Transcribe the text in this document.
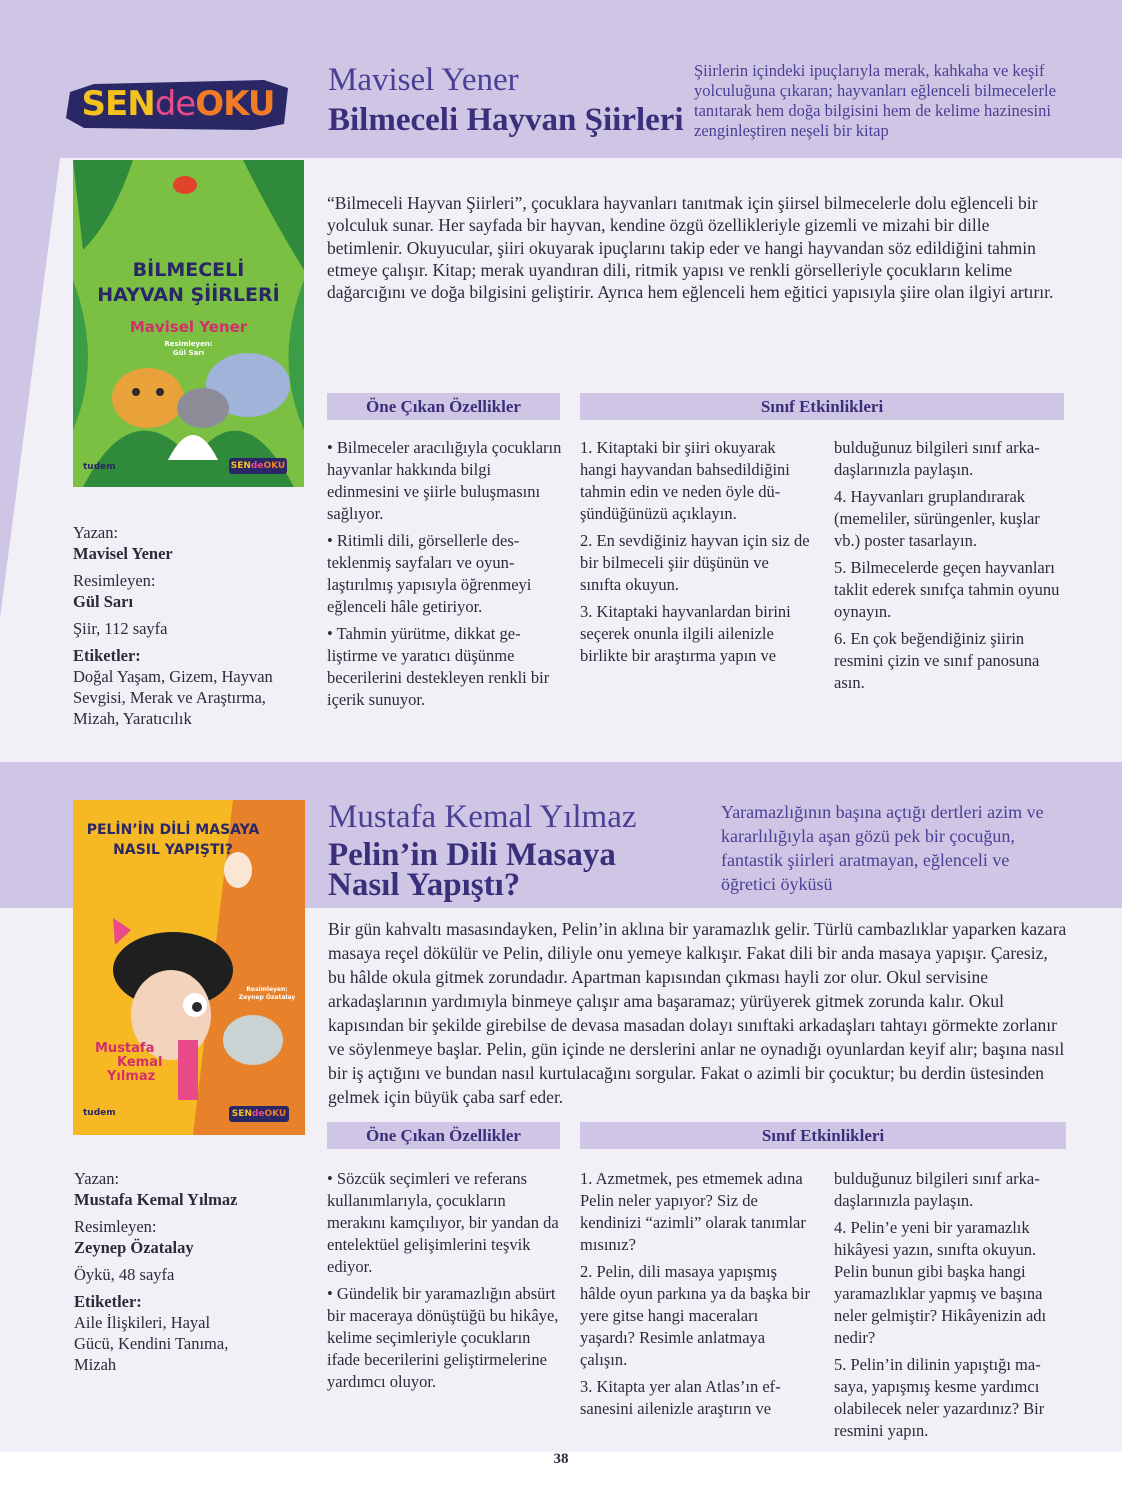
SENdeOKU
Mavisel Yener
Bilmeceli Hayvan Şiirleri
Şiirlerin içindeki ipuçlarıyla merak, kahkaha ve keşif yolculuğuna çıkaran; hayvanları eğlenceli bilmecelerle tanıtarak hem doğa bilgisini hem de kelime hazinesini zenginleştiren neşeli bir kitap
BİLMECELİ
HAYVAN ŞİİRLERİ
Mavisel Yener
Resimleyen:
Gül Sarı
tudem	SENdeOKU
“Bilmeceli Hayvan Şiirleri”, çocuklara hayvanları tanıtmak için şiirsel bilmecelerle dolu eğlenceli bir yolculuk sunar. Her sayfada bir hayvan, kendine özgü özellikleriyle gizemli ve mizahi bir dille betimlenir. Okuyucular, şiiri okuyarak ipuçlarını takip eder ve hangi hayvandan söz edildiğini tahmin etmeye çalışır. Kitap; merak uyandıran dili, ritmik yapısı ve renkli görselleriyle çocukların kelime dağarcığını ve doğa bilgisini geliştirir. Ayrıca hem eğlenceli hem eğitici yapısıyla şiire olan ilgiyi artırır.
Öne Çıkan Özellikler	Sınıf Etkinlikleri

• Bilmeceler aracılığıyla çocukların hayvanlar hakkında bilgi edinmesini ve şiirle buluşmasını sağlıyor.

• Ritimli dili, görsellerle desteklenmiş sayfaları ve oyunlaştırılmış yapısıyla öğrenmeyi eğlenceli hâle getiriyor.

• Tahmin yürütme, dikkat geliştirme ve yaratıcı düşünme becerilerini destekleyen renkli bir içerik sunuyor.

1. Kitaptaki bir şiiri okuyarak hangi hayvandan bahsedildiğini tahmin edin ve neden öyle düşündüğünüzü açıklayın.

2. En sevdiğiniz hayvan için siz de bir bilmeceli şiir düşünün ve sınıfta okuyun.

3. Kitaptaki hayvanlardan birini seçerek onunla ilgili ailenizle birlikte bir araştırma yapın ve

bulduğunuz bilgileri sınıf arkadaşlarınızla paylaşın.

4. Hayvanları gruplandırarak (memeliler, sürüngenler, kuşlar vb.) poster tasarlayın.

5. Bilmecelerde geçen hayvanları taklit ederek sınıfça tahmin oyunu oynayın.

6. En çok beğendiğiniz şiirin resmini çizin ve sınıf panosuna asın.

Yazan:
Mavisel Yener
Resimleyen:
Gül Sarı
Şiir, 112 sayfa
Etiketler:
Doğal Yaşam, Gizem, Hayvan Sevgisi, Merak ve Araştırma, Mizah, Yaratıcılık
PELİN’İN DİLİ MASAYA
NASIL YAPIŞTI?
Mustafa
Kemal
Yılmaz
Resimleyen:
Zeynep Özatalay
tudem	SENdeOKU
Mustafa Kemal Yılmaz
Pelin’in Dili Masaya
Nasıl Yapıştı?
Yaramazlığının başına açtığı dertleri azim ve kararlılığıyla aşan gözü pek bir çocuğun, fantastik şiirleri aratmayan, eğlenceli ve öğretici öyküsü
Bir gün kahvaltı masasındayken, Pelin’in aklına bir yaramazlık gelir. Türlü cambazlıklar yaparken kazara masaya reçel dökülür ve Pelin, diliyle onu yemeye kalkışır. Fakat dili bir anda masaya yapışır. Çaresiz, bu hâlde okula gitmek zorundadır. Apartman kapısından çıkması hayli zor olur. Okul servisine arkadaşlarının yardımıyla binmeye çalışır ama başaramaz; yürüyerek gitmek zorunda kalır. Okul kapısından bir şekilde girebilse de devasa masadan dolayı sınıftaki arkadaşları tahtayı görmekte zorlanır ve söylenmeye başlar. Pelin, gün içinde ne derslerini anlar ne oynadığı oyunlardan keyif alır; başına nasıl bir iş açtığını ve bundan nasıl kurtulacağını sorgular. Fakat o azimli bir çocuktur; bu derdin üstesinden gelmek için büyük çaba sarf eder.
Öne Çıkan Özellikler	Sınıf Etkinlikleri

• Sözcük seçimleri ve referans kullanımlarıyla, çocukların merakını kamçılıyor, bir yandan da entelektüel gelişimlerini teşvik ediyor.

• Gündelik bir yaramazlığın absürt bir maceraya dönüştüğü bu hikâye, kelime seçimleriyle çocukların ifade becerilerini geliştirmelerine yardımcı oluyor.

1. Azmetmek, pes etmemek adına Pelin neler yapıyor? Siz de kendinizi “azimli” olarak tanımlar mısınız?

2. Pelin, dili masaya yapışmış hâlde oyun parkına ya da başka bir yere gitse hangi maceraları yaşardı? Resimle anlatmaya çalışın.

3. Kitapta yer alan Atlas’ın efsanesini ailenizle araştırın ve

bulduğunuz bilgileri sınıf arkadaşlarınızla paylaşın.

4. Pelin’e yeni bir yaramazlık hikâyesi yazın, sınıfta okuyun. Pelin bunun gibi başka hangi yaramazlıklar yapmış ve başına neler gelmiştir? Hikâyenizin adı nedir?

5. Pelin’in dilinin yapıştığı masaya, yapışmış kesme yardımcı olabilecek neler yazardınız? Bir resmini yapın.

Yazan:
Mustafa Kemal Yılmaz
Resimleyen:
Zeynep Özatalay
Öykü, 48 sayfa
Etiketler:
Aile İlişkileri, Hayal Gücü, Kendini Tanıma, Mizah
38
